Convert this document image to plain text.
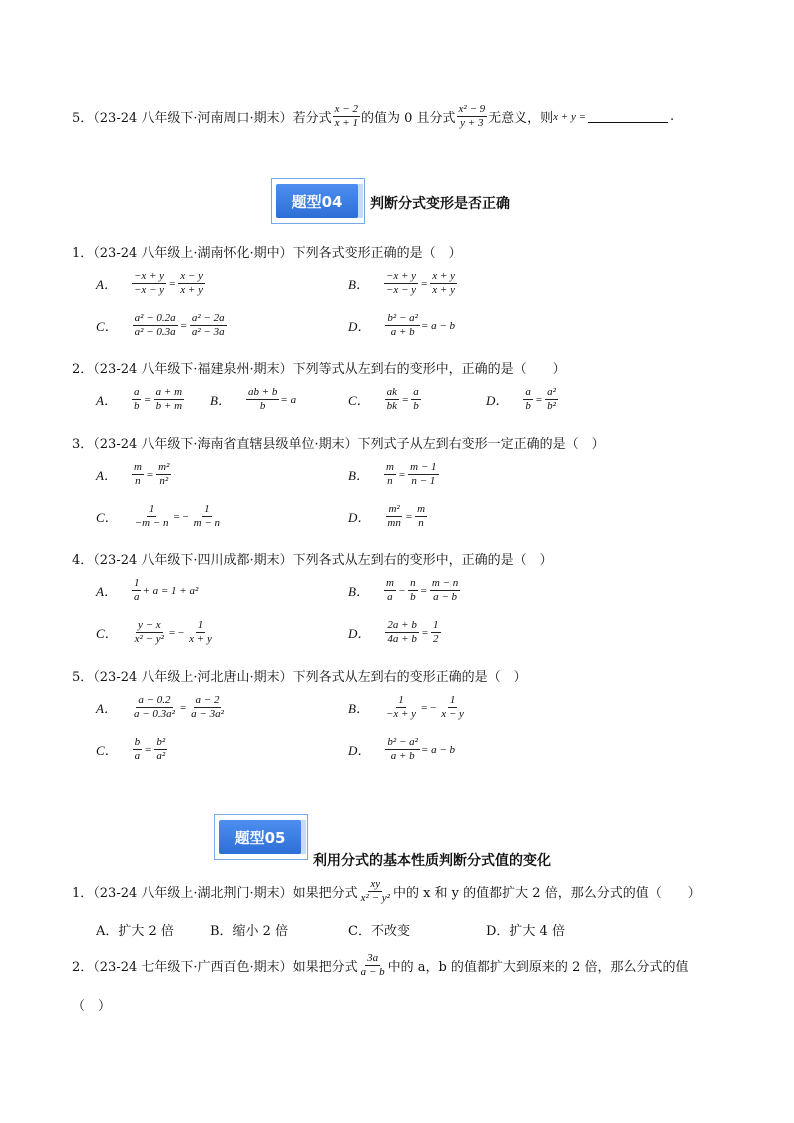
5．（23-24 八年级下·河南周口·期末）若分式 $\frac{x - 2}{x + 1}$ 的值为 0 且分式 $\frac{\text{x² − 9}}{y + 3}$ 无意义，则 x + y =	.
题型04	判断分式变形是否正确
1．（23-24 八年级上·湖南怀化·期中）下列各式变形正确的是（　）
A． $\frac{-x + y}{-x - y} = \frac{x - y}{x + y}$	B． $\frac{-x + y}{-x - y} = \frac{x + y}{x + y}$
C． $\frac{\text{a² − 0.2a}}{\text{a² − 0.3a}} = \frac{\text{a² − 2a}}{\text{a² − 3a}}$	D． $\frac{\text{b² − a²}}{a + b} = a - b$
2．（23-24 八年级下·福建泉州·期末）下列等式从左到右的变形中，正确的是（　　）
A． $\frac{a}{b} = \frac{a + m}{b + m}$ B． $\frac{ab + b}{b} = a$	C． $\frac{ak}{bk} = \frac{a}{b}$	D． $\frac{a}{b} = \frac{\text{a²}}{\text{b²}}$
3．（23-24 八年级下·海南省直辖县级单位·期末）下列式子从左到右变形一定正确的是（　）
A． $\frac{m}{n} = \frac{\text{m²}}{\text{n²}}$	B． $\frac{m}{n} = \frac{m - 1}{n - 1}$
C． $\frac{1}{-m - n}$ = − $\frac{1}{m - n}$	D． $\frac{\text{m²}}{mn} = \frac{m}{n}$
4．（23-24 八年级下·四川成都·期末）下列各式从左到右的变形中，正确的是（　）
A． $\frac{1}{a} + a = 1 + a^2$	B． $\frac{m}{a} - \frac{n}{b} = \frac{m - n}{a - b}$
C． $\frac{y - x}{\text{x² − y²}}$ = − $\frac{1}{x + y}$	D． $\frac{2a + b}{4a + b} = \frac{1}{2}$
5．（23-24 八年级上·河北唐山·期末）下列各式从左到右的变形正确的是（　）
A． $\frac{a - 0.2}{\text{a − 0.3a²}} = \frac{a - 2}{\text{a − 3a²}}$	B． $\frac{1}{-x + y}$ = − $\frac{1}{x - y}$
C． $\frac{b}{a} = \frac{\text{b²}}{\text{a²}}$	D． $\frac{\text{b² − a²}}{a + b} = a - b$
题型05
利用分式的基本性质判断分式值的变化
1．（23-24 八年级上·湖北荆门·期末）如果把分式 $\frac{xy}{\text{x² − y²}}$ 中的 x 和 y 的值都扩大 2 倍，那么分式的值（　　）
A．扩大 2 倍	B．缩小 2 倍	C．不改变	D．扩大 4 倍
2．（23-24 七年级下·广西百色·期末）如果把分式 $\frac{3a}{a - b}$ 中的 a，b 的值都扩大到原来的 2 倍，那么分式的值
（　）
